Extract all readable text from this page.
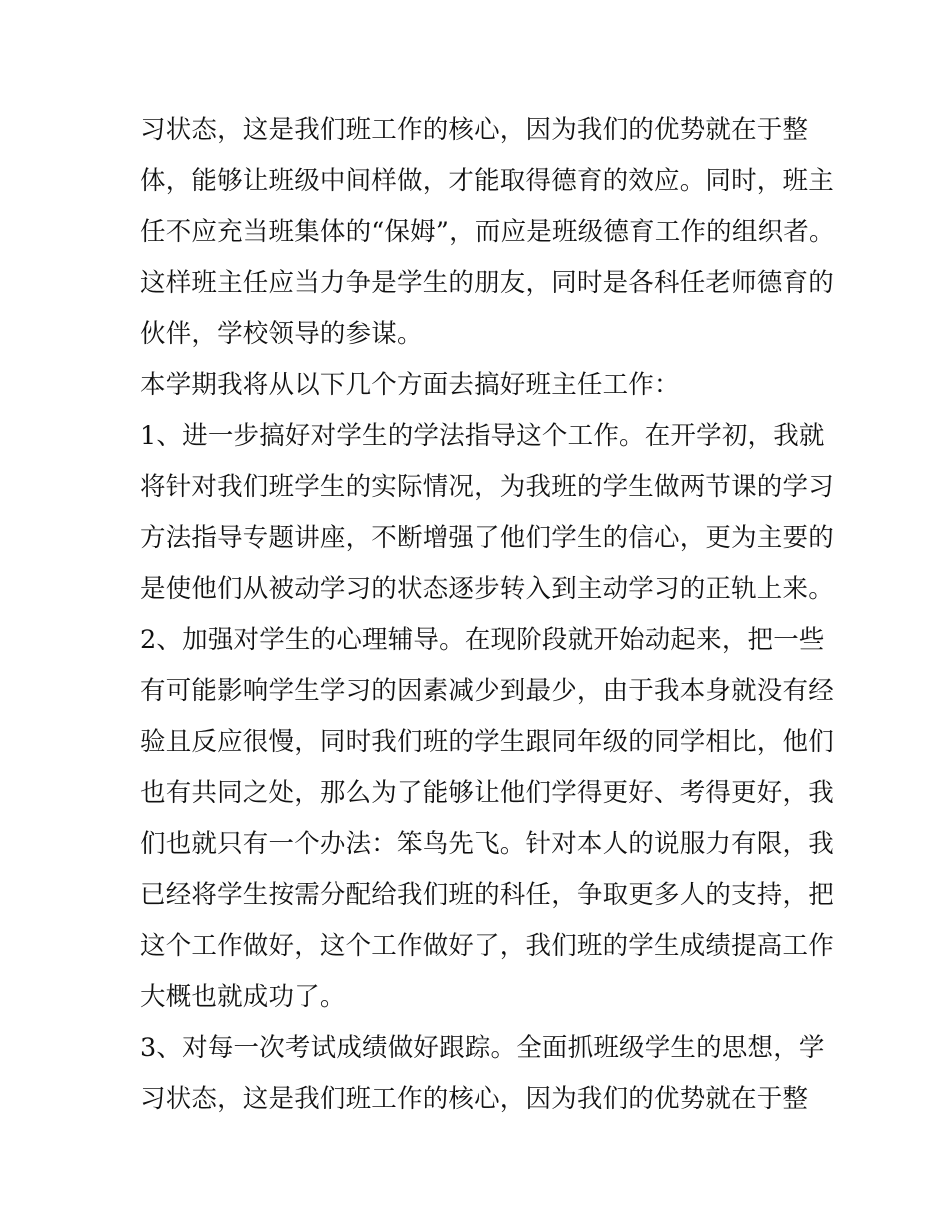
习状态，这是我们班工作的核心，因为我们的优势就在于整
体，能够让班级中间样做，才能取得德育的效应。同时，班主
任不应充当班集体的“保姆”，而应是班级德育工作的组织者。
这样班主任应当力争是学生的朋友，同时是各科任老师德育的
伙伴，学校领导的参谋。
本学期我将从以下几个方面去搞好班主任工作：
1、进一步搞好对学生的学法指导这个工作。在开学初，我就
将针对我们班学生的实际情况，为我班的学生做两节课的学习
方法指导专题讲座，不断增强了他们学生的信心，更为主要的
是使他们从被动学习的状态逐步转入到主动学习的正轨上来。
2、加强对学生的心理辅导。在现阶段就开始动起来，把一些
有可能影响学生学习的因素减少到最少，由于我本身就没有经
验且反应很慢，同时我们班的学生跟同年级的同学相比，他们
也有共同之处，那么为了能够让他们学得更好、考得更好，我
们也就只有一个办法：笨鸟先飞。针对本人的说服力有限，我
已经将学生按需分配给我们班的科任，争取更多人的支持，把
这个工作做好，这个工作做好了，我们班的学生成绩提高工作
大概也就成功了。
3、对每一次考试成绩做好跟踪。全面抓班级学生的思想，学
习状态，这是我们班工作的核心，因为我们的优势就在于整
